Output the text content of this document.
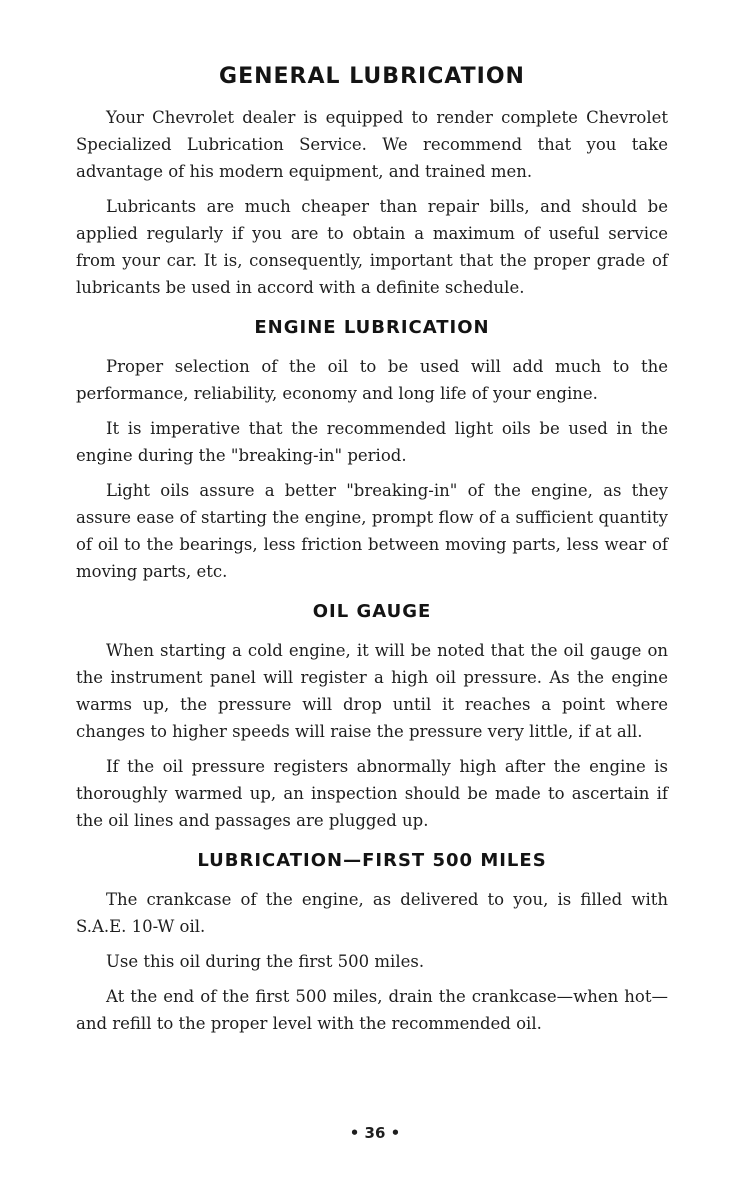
GENERAL LUBRICATION

Your Chevrolet dealer is equipped to render complete Chevrolet Specialized Lubrication Service. We recommend that you take advantage of his modern equipment, and trained men.

Lubricants are much cheaper than repair bills, and should be applied regularly if you are to obtain a maximum of useful service from your car. It is, consequently, important that the proper grade of lubricants be used in accord with a definite schedule.

ENGINE LUBRICATION

Proper selection of the oil to be used will add much to the performance, reliability, economy and long life of your engine.

It is imperative that the recommended light oils be used in the engine during the "breaking-in" period.

Light oils assure a better "breaking-in" of the engine, as they assure ease of starting the engine, prompt flow of a sufficient quantity of oil to the bearings, less friction between moving parts, less wear of moving parts, etc.

OIL GAUGE

When starting a cold engine, it will be noted that the oil gauge on the instrument panel will register a high oil pressure. As the engine warms up, the pressure will drop until it reaches a point where changes to higher speeds will raise the pressure very little, if at all.

If the oil pressure registers abnormally high after the engine is thoroughly warmed up, an inspection should be made to ascertain if the oil lines and passages are plugged up.

LUBRICATION—FIRST 500 MILES

The crankcase of the engine, as delivered to you, is filled with S.A.E. 10-W oil.

Use this oil during the first 500 miles.

At the end of the first 500 miles, drain the crankcase—when hot—and refill to the proper level with the recommended oil.

• 36 •
